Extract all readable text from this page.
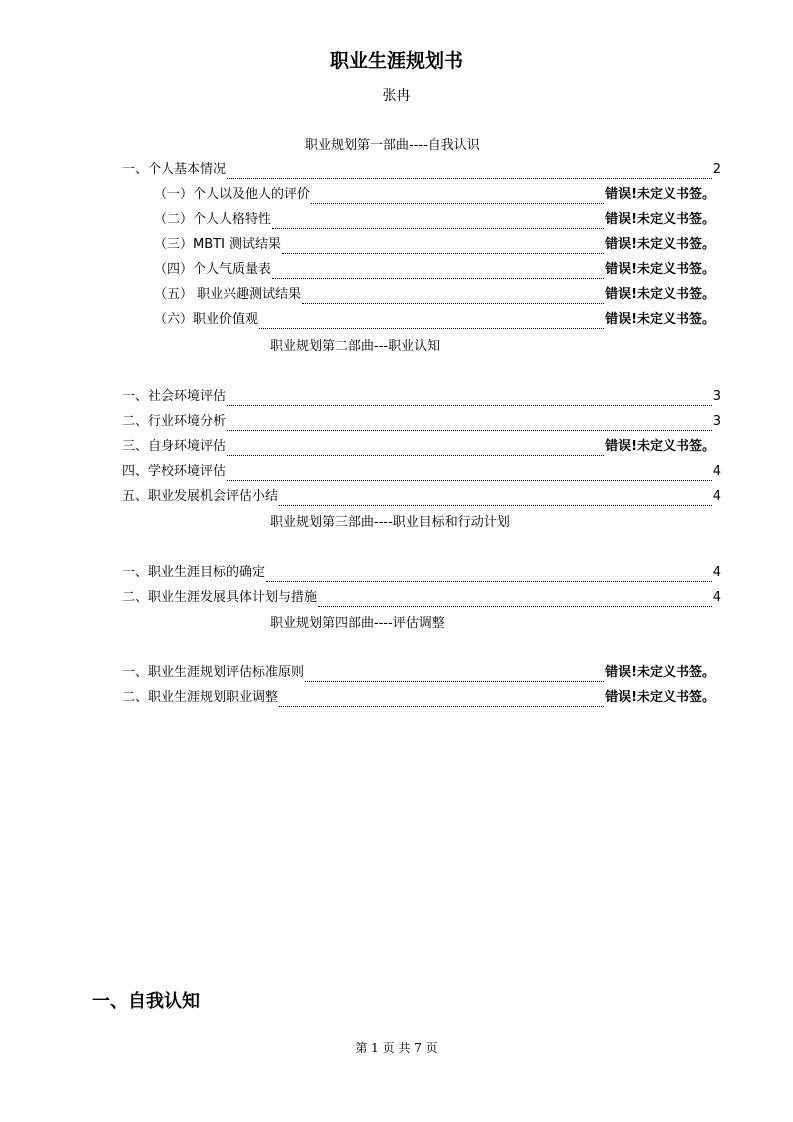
职业生涯规划书
张冉
职业规划第一部曲----自我认识
一、个人基本情况	2
（一）个人以及他人的评价	错误!未定义书签。
（二）个人人格特性	错误!未定义书签。
（三）MBTI 测试结果	错误!未定义书签。
（四）个人气质量表	错误!未定义书签。
（五） 职业兴趣测试结果	错误!未定义书签。
（六）职业价值观	错误!未定义书签。
职业规划第二部曲---职业认知
一、社会环境评估	3
二、行业环境分析	3
三、自身环境评估	错误!未定义书签。
四、学校环境评估	4
五、职业发展机会评估小结	4
职业规划第三部曲----职业目标和行动计划
一、职业生涯目标的确定	4
二、职业生涯发展具体计划与措施	4
职业规划第四部曲----评估调整
一、职业生涯规划评估标准原则	错误!未定义书签。
二、职业生涯规划职业调整	错误!未定义书签。
一、自我认知
第 1 页 共 7 页
